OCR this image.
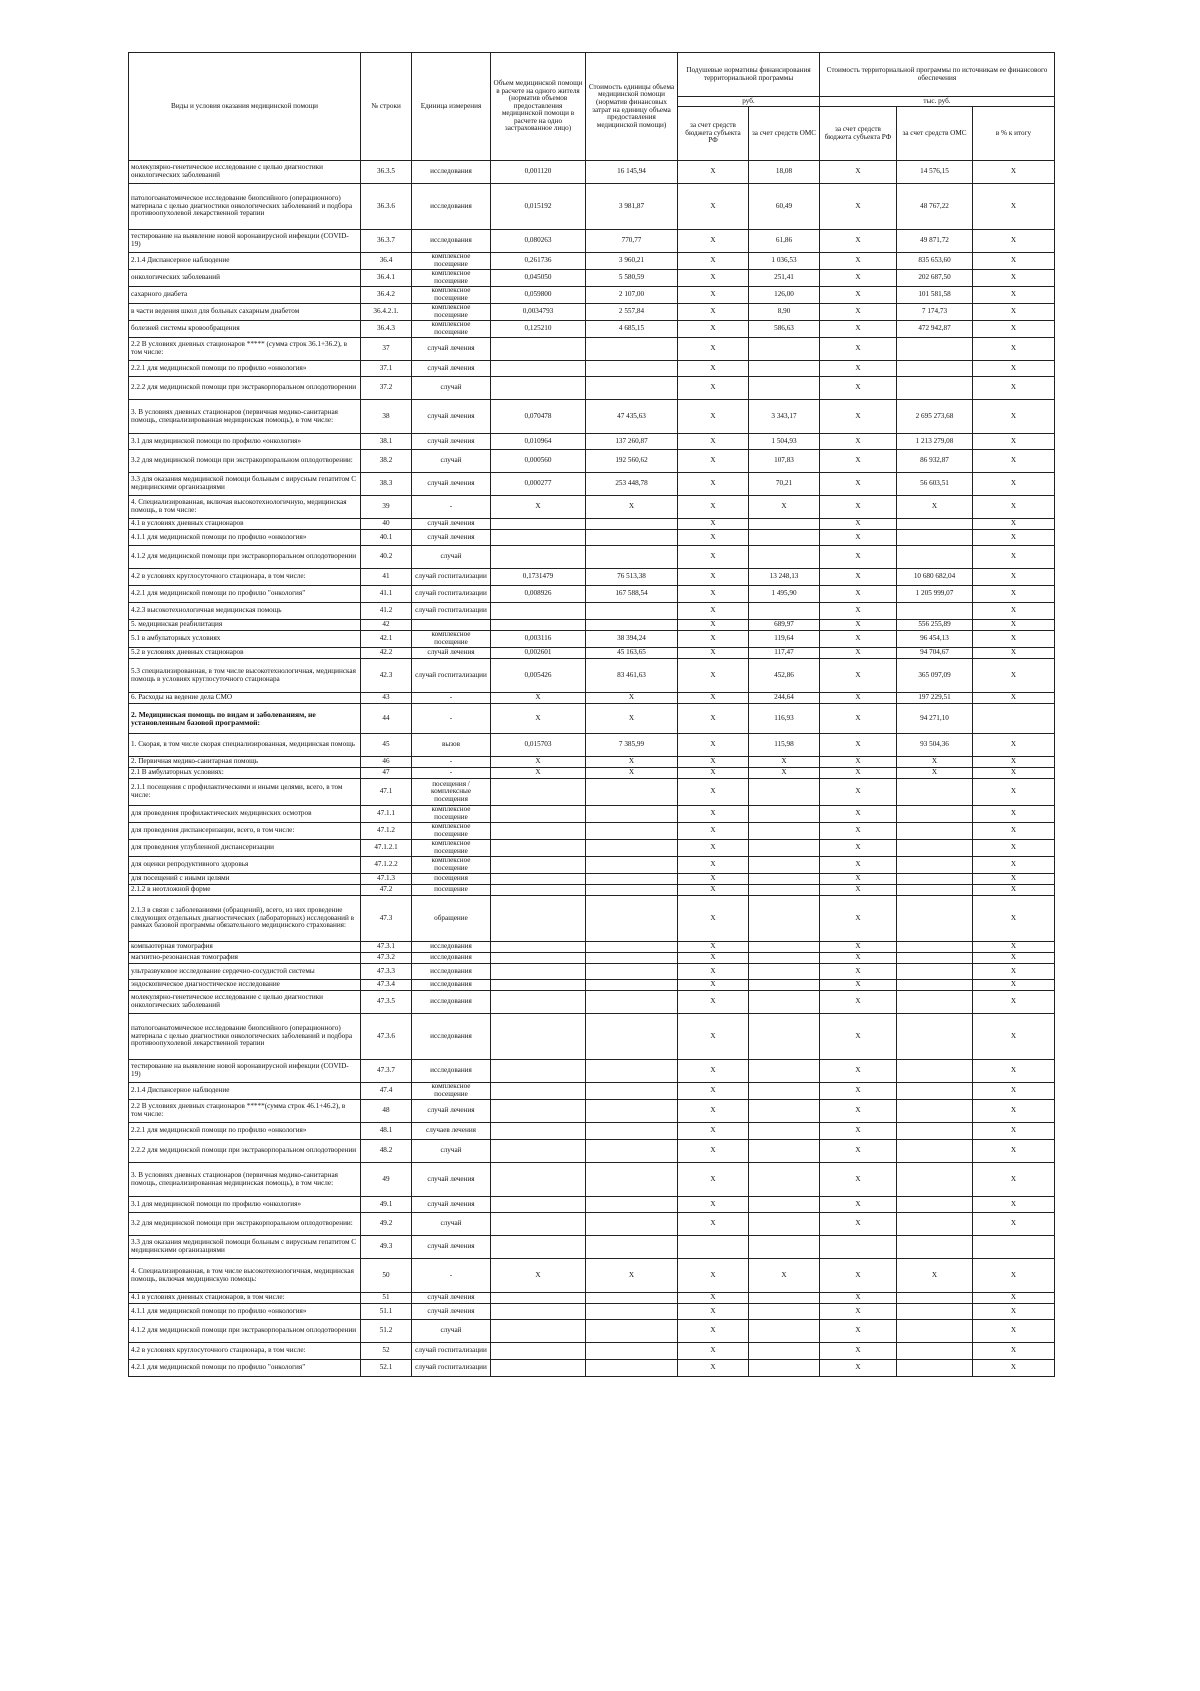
Виды и условия оказания медицинской помощи	№ строки	Единица измерения	Объем медицинской помощи в расчете на одного жителя (норматив объемов предоставления медицинской помощи в расчете на одно застрахованное лицо)	Стоимость единицы объема медицинской помощи (норматив финансовых затрат на единицу объема предоставления медицинской помощи)	Подушевые нормативы финансирования территориальной программы		Стоимость территориальной программы по источникам ее финансового обеспечения		
					руб.		тыс. руб.		
					за счет средств бюджета субъекта РФ	за счет средств ОМС	за счет средств бюджета субъекта РФ	за счет средств ОМС	в % к итогу
молекулярно-генетическое исследование с целью диагностики онкологических заболеваний	36.3.5	исследования	0,001120	16 145,94	Х	18,08	Х	14 576,15	Х
патологоанатомическое исследование биопсийного (операционного) материала с целью диагностики онкологических заболеваний и подбора противоопухолевой лекарственной терапии	36.3.6	исследования	0,015192	3 981,87	Х	60,49	Х	48 767,22	Х
тестирование на выявление новой коронавирусной инфекции (COVID-19)	36.3.7	исследования	0,080263	770,77	Х	61,86	Х	49 871,72	Х
2.1.4 Диспансерное наблюдение	36.4	комплексное посещение	0,261736	3 960,21	Х	1 036,53	Х	835 653,60	Х
онкологических заболеваний	36.4.1	комплексное посещение	0,045050	5 580,59	Х	251,41	Х	202 687,50	Х
сахарного диабета	36.4.2	комплексное посещение	0,059800	2 107,00	Х	126,00	Х	101 581,58	Х
в части ведения школ для больных сахарным диабетом	36.4.2.1.	комплексное посещение	0,0034793	2 557,84	Х	8,90	Х	7 174,73	Х
болезней системы кровообращения	36.4.3	комплексное посещение	0,125210	4 685,15	Х	586,63	Х	472 942,87	Х
2.2 В условиях дневных стационаров ***** (сумма строк 36.1+36.2), в том числе:	37	случай лечения			Х		Х		Х
2.2.1 для медицинской помощи по профилю «онкология»	37.1	случай лечения			Х		Х		Х
2.2.2 для медицинской помощи при экстракорпоральном оплодотворении	37.2	случай			Х		Х		Х
3. В условиях дневных стационаров (первичная медико-санитарная помощь, специализированная медицинская помощь), в том числе:	38	случай лечения	0,070478	47 435,63	Х	3 343,17	Х	2 695 273,68	Х
3.1 для медицинской помощи по профилю «онкология»	38.1	случай лечения	0,010964	137 260,87	Х	1 504,93	Х	1 213 279,08	Х
3.2 для медицинской помощи при экстракорпоральном оплодотворении:	38.2	случай	0,000560	192 560,62	Х	107,83	Х	86 932,87	Х
3.3 для оказания медицинской помощи больным с вирусным гепатитом С медицинскими организациями	38.3	случай лечения	0,000277	253 448,78	Х	70,21	Х	56 603,51	Х
4. Специализированная, включая высокотехнологичную, медицинская помощь, в том числе:	39	-	Х	Х	Х	Х	Х	Х	Х
4.1 в условиях дневных стационаров	40	случай лечения			Х		Х		Х
4.1.1 для медицинской помощи по профилю «онкология»	40.1	случай лечения			Х		Х		Х
4.1.2 для медицинской помощи при экстракорпоральном оплодотворении	40.2	случай			Х		Х		Х
4.2 в условиях круглосуточного стационара, в том числе:	41	случай госпитализации	0,1731479	76 513,38	Х	13 248,13	Х	10 680 682,04	Х
4.2.1 для медицинской помощи по профилю "онкология"	41.1	случай госпитализации	0,008926	167 588,54	Х	1 495,90	Х	1 205 999,07	Х
4.2.3 высокотехнологичная медицинская помощь	41.2	случай госпитализации			Х		Х		Х
5. медицинская реабилитация	42				Х	689,97	Х	556 255,89	Х
5.1 в амбулаторных условиях	42.1	комплексное посещение	0,003116	38 394,24	Х	119,64	Х	96 454,13	Х
5.2 в условиях дневных стационаров	42.2	случай лечения	0,002601	45 163,65	Х	117,47	Х	94 704,67	Х
5.3 специализированная, в том числе высокотехнологичная, медицинская помощь в условиях круглосуточного стационара	42.3	случай госпитализации	0,005426	83 461,63	Х	452,86	Х	365 097,09	Х
6. Расходы на ведение дела СМО	43	-	Х	Х	Х	244,64	Х	197 229,51	Х
2. Медицинская помощь по видам и заболеваниям, не установленным базовой программой:	44	-	Х	Х	Х	116,93	Х	94 271,10	
1. Скорая, в том числе скорая специализированная, медицинская помощь	45	вызов	0,015703	7 385,99	Х	115,98	Х	93 504,36	Х
2. Первичная медико-санитарная помощь	46	-	Х	Х	Х	Х	Х	Х	Х
2.1 В амбулаторных условиях:	47	-	Х	Х	Х	Х	Х	Х	Х
2.1.1 посещения с профилактическими и иными целями, всего, в том числе:	47.1	посещения / комплексные посещения			Х		Х		Х
для проведения профилактических медицинских осмотров	47.1.1	комплексное посещение			Х		Х		Х
для проведения диспансеризации, всего, в том числе:	47.1.2	комплексное посещение			Х		Х		Х
для проведения углубленной диспансеризации	47.1.2.1	комплексное посещение			Х		Х		Х
для оценки репродуктивного здоровья	47.1.2.2	комплексное посещение			Х		Х		Х
для посещений с иными целями	47.1.3	посещения			Х		Х		Х
2.1.2 в неотложной форме	47.2	посещение			Х		Х		Х
2.1.3 в связи с заболеваниями (обращений), всего, из них проведение следующих отдельных диагностических (лабораторных) исследований в рамках базовой программы обязательного медицинского страхования:	47.3	обращение			Х		Х		Х
компьютерная томография	47.3.1	исследования			Х		Х		Х
магнитно-резонансная томография	47.3.2	исследования			Х		Х		Х
ультразвуковое исследование сердечно-сосудистой системы	47.3.3	исследования			Х		Х		Х
эндоскопическое диагностическое исследование	47.3.4	исследования			Х		Х		Х
молекулярно-генетическое исследование с целью диагностики онкологических заболеваний	47.3.5	исследования			Х		Х		Х
патологоанатомическое исследование биопсийного (операционного) материала с целью диагностики онкологических заболеваний и подбора противоопухолевой лекарственной терапии	47.3.6	исследования			Х		Х		Х
тестирование на выявление новой коронавирусной инфекции (COVID-19)	47.3.7	исследования			Х		Х		Х
2.1.4 Диспансерное наблюдение	47.4	комплексное посещение			Х		Х		Х
2.2 В условиях дневных стационаров *****(сумма строк 46.1+46.2), в том числе:	48	случай лечения			Х		Х		Х
2.2.1 для медицинской помощи по профилю «онкология»	48.1	случаев лечения			Х		Х		Х
2.2.2 для медицинской помощи при экстракорпоральном оплодотворении	48.2	случай			Х		Х		Х
3. В условиях дневных стационаров (первичная медико-санитарная помощь, специализированная медицинская помощь), в том числе:	49	случай лечения			Х		Х		Х
3.1 для медицинской помощи по профилю «онкология»	49.1	случай лечения			Х		Х		Х
3.2 для медицинской помощи при экстракорпоральном оплодотворении:	49.2	случай			Х		Х		Х
3.3 для оказания медицинской помощи больным с вирусным гепатитом С медицинскими организациями	49.3	случай лечения							
4. Специализированная, в том числе высокотехнологичная, медицинская помощь, включая медицинскую помощь:	50	-	Х	Х	Х	Х	Х	Х	Х
4.1 в условиях дневных стационаров, в том числе:	51	случай лечения			Х		Х		Х
4.1.1 для медицинской помощи по профилю «онкология»	51.1	случай лечения			Х		Х		Х
4.1.2 для медицинской помощи при экстракорпоральном оплодотворении	51.2	случай			Х		Х		Х
4.2 в условиях круглосуточного стационара, в том числе:	52	случай госпитализации			Х		Х		Х
4.2.1 для медицинской помощи по профилю "онкология"	52.1	случай госпитализации			Х		Х		Х
